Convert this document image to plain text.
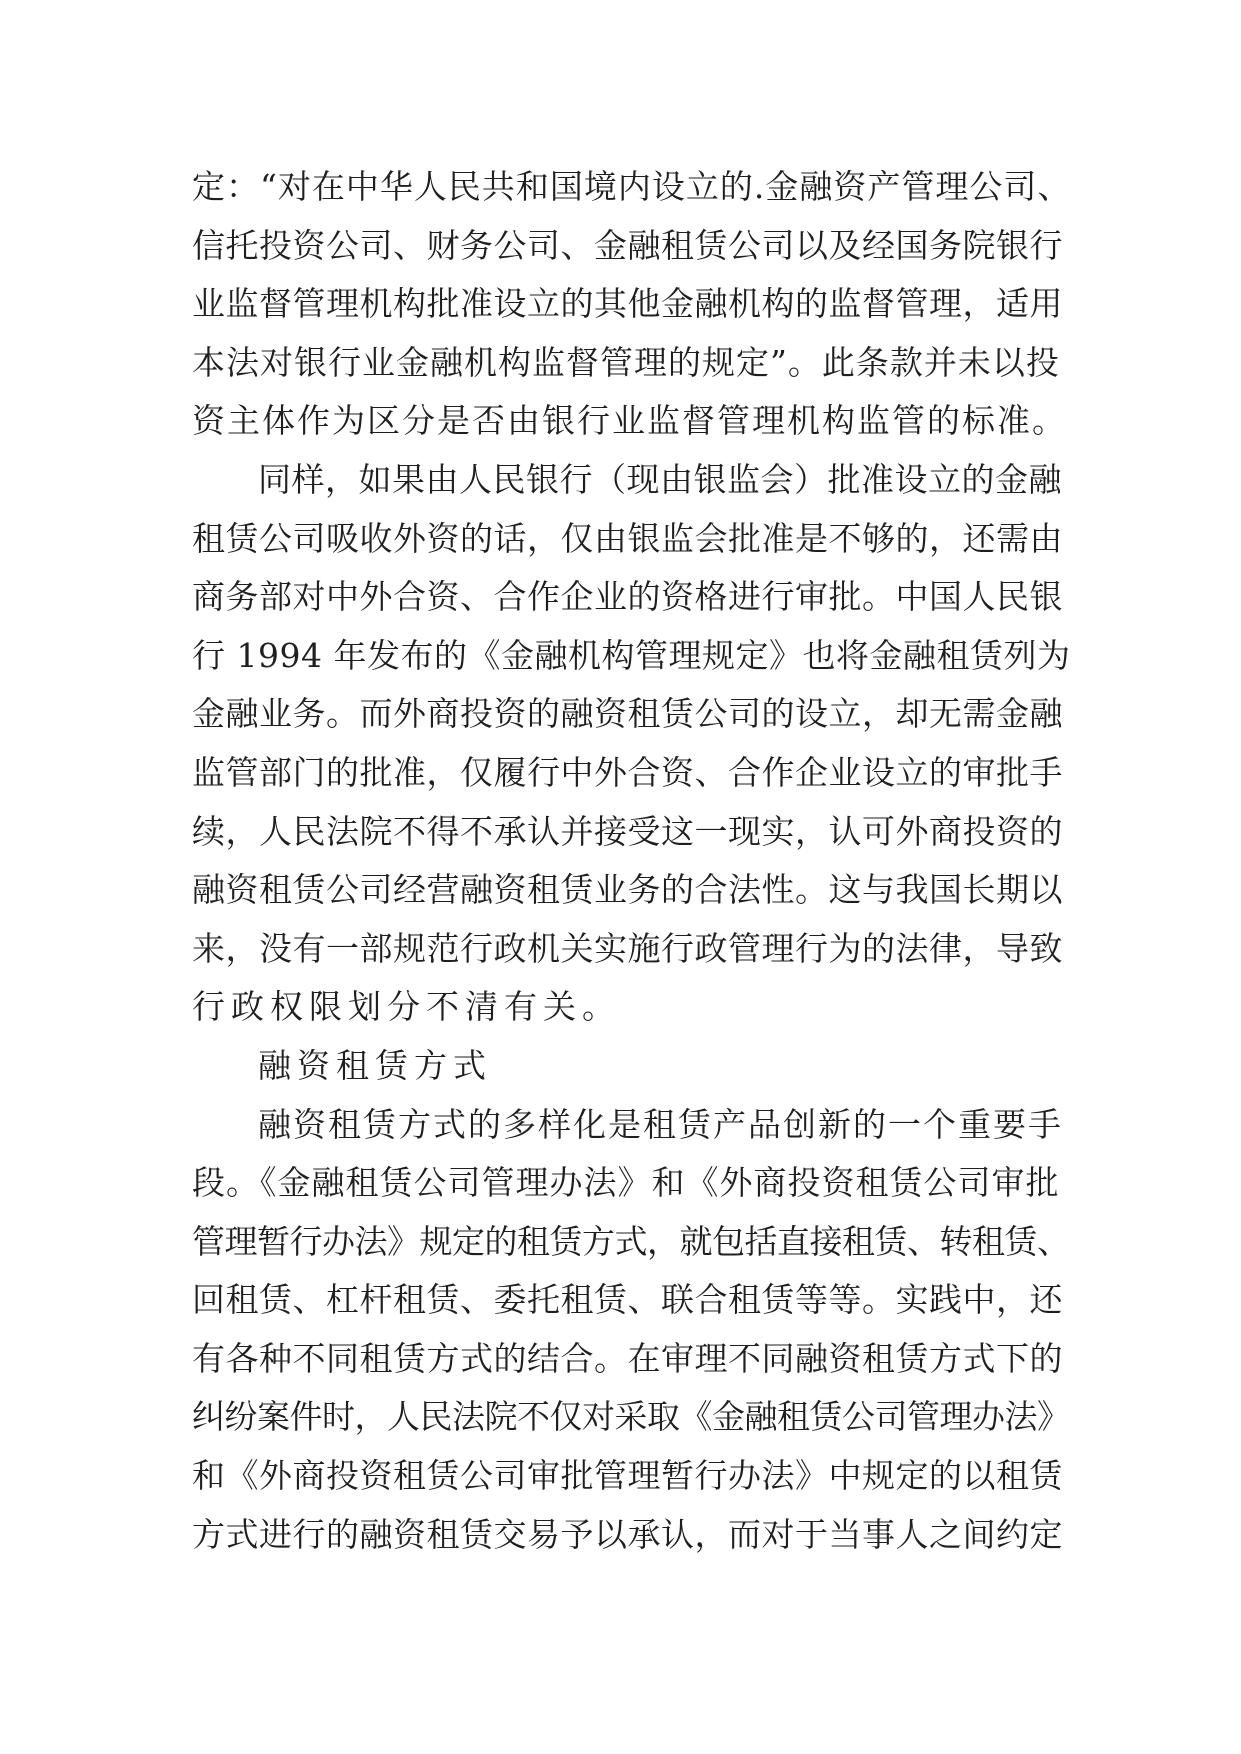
定：“对在中华人民共和国境内设立的.金融资产管理公司、
信托投资公司、财务公司、金融租赁公司以及经国务院银行
业监督管理机构批准设立的其他金融机构的监督管理，适用
本法对银行业金融机构监督管理的规定”。此条款并未以投
资主体作为区分是否由银行业监督管理机构监管的标准。
同样，如果由人民银行（现由银监会）批准设立的金融
租赁公司吸收外资的话，仅由银监会批准是不够的，还需由
商务部对中外合资、合作企业的资格进行审批。中国人民银
行 1994 年发布的《金融机构管理规定》也将金融租赁列为
金融业务。而外商投资的融资租赁公司的设立，却无需金融
监管部门的批准，仅履行中外合资、合作企业设立的审批手
续，人民法院不得不承认并接受这一现实，认可外商投资的
融资租赁公司经营融资租赁业务的合法性。这与我国长期以
来，没有一部规范行政机关实施行政管理行为的法律，导致
行政权限划分不清有关。
融资租赁方式
融资租赁方式的多样化是租赁产品创新的一个重要手
段。《金融租赁公司管理办法》和《外商投资租赁公司审批
管理暂行办法》规定的租赁方式，就包括直接租赁、转租赁、
回租赁、杠杆租赁、委托租赁、联合租赁等等。实践中，还
有各种不同租赁方式的结合。在审理不同融资租赁方式下的
纠纷案件时，人民法院不仅对采取《金融租赁公司管理办法》
和《外商投资租赁公司审批管理暂行办法》中规定的以租赁
方式进行的融资租赁交易予以承认，而对于当事人之间约定
